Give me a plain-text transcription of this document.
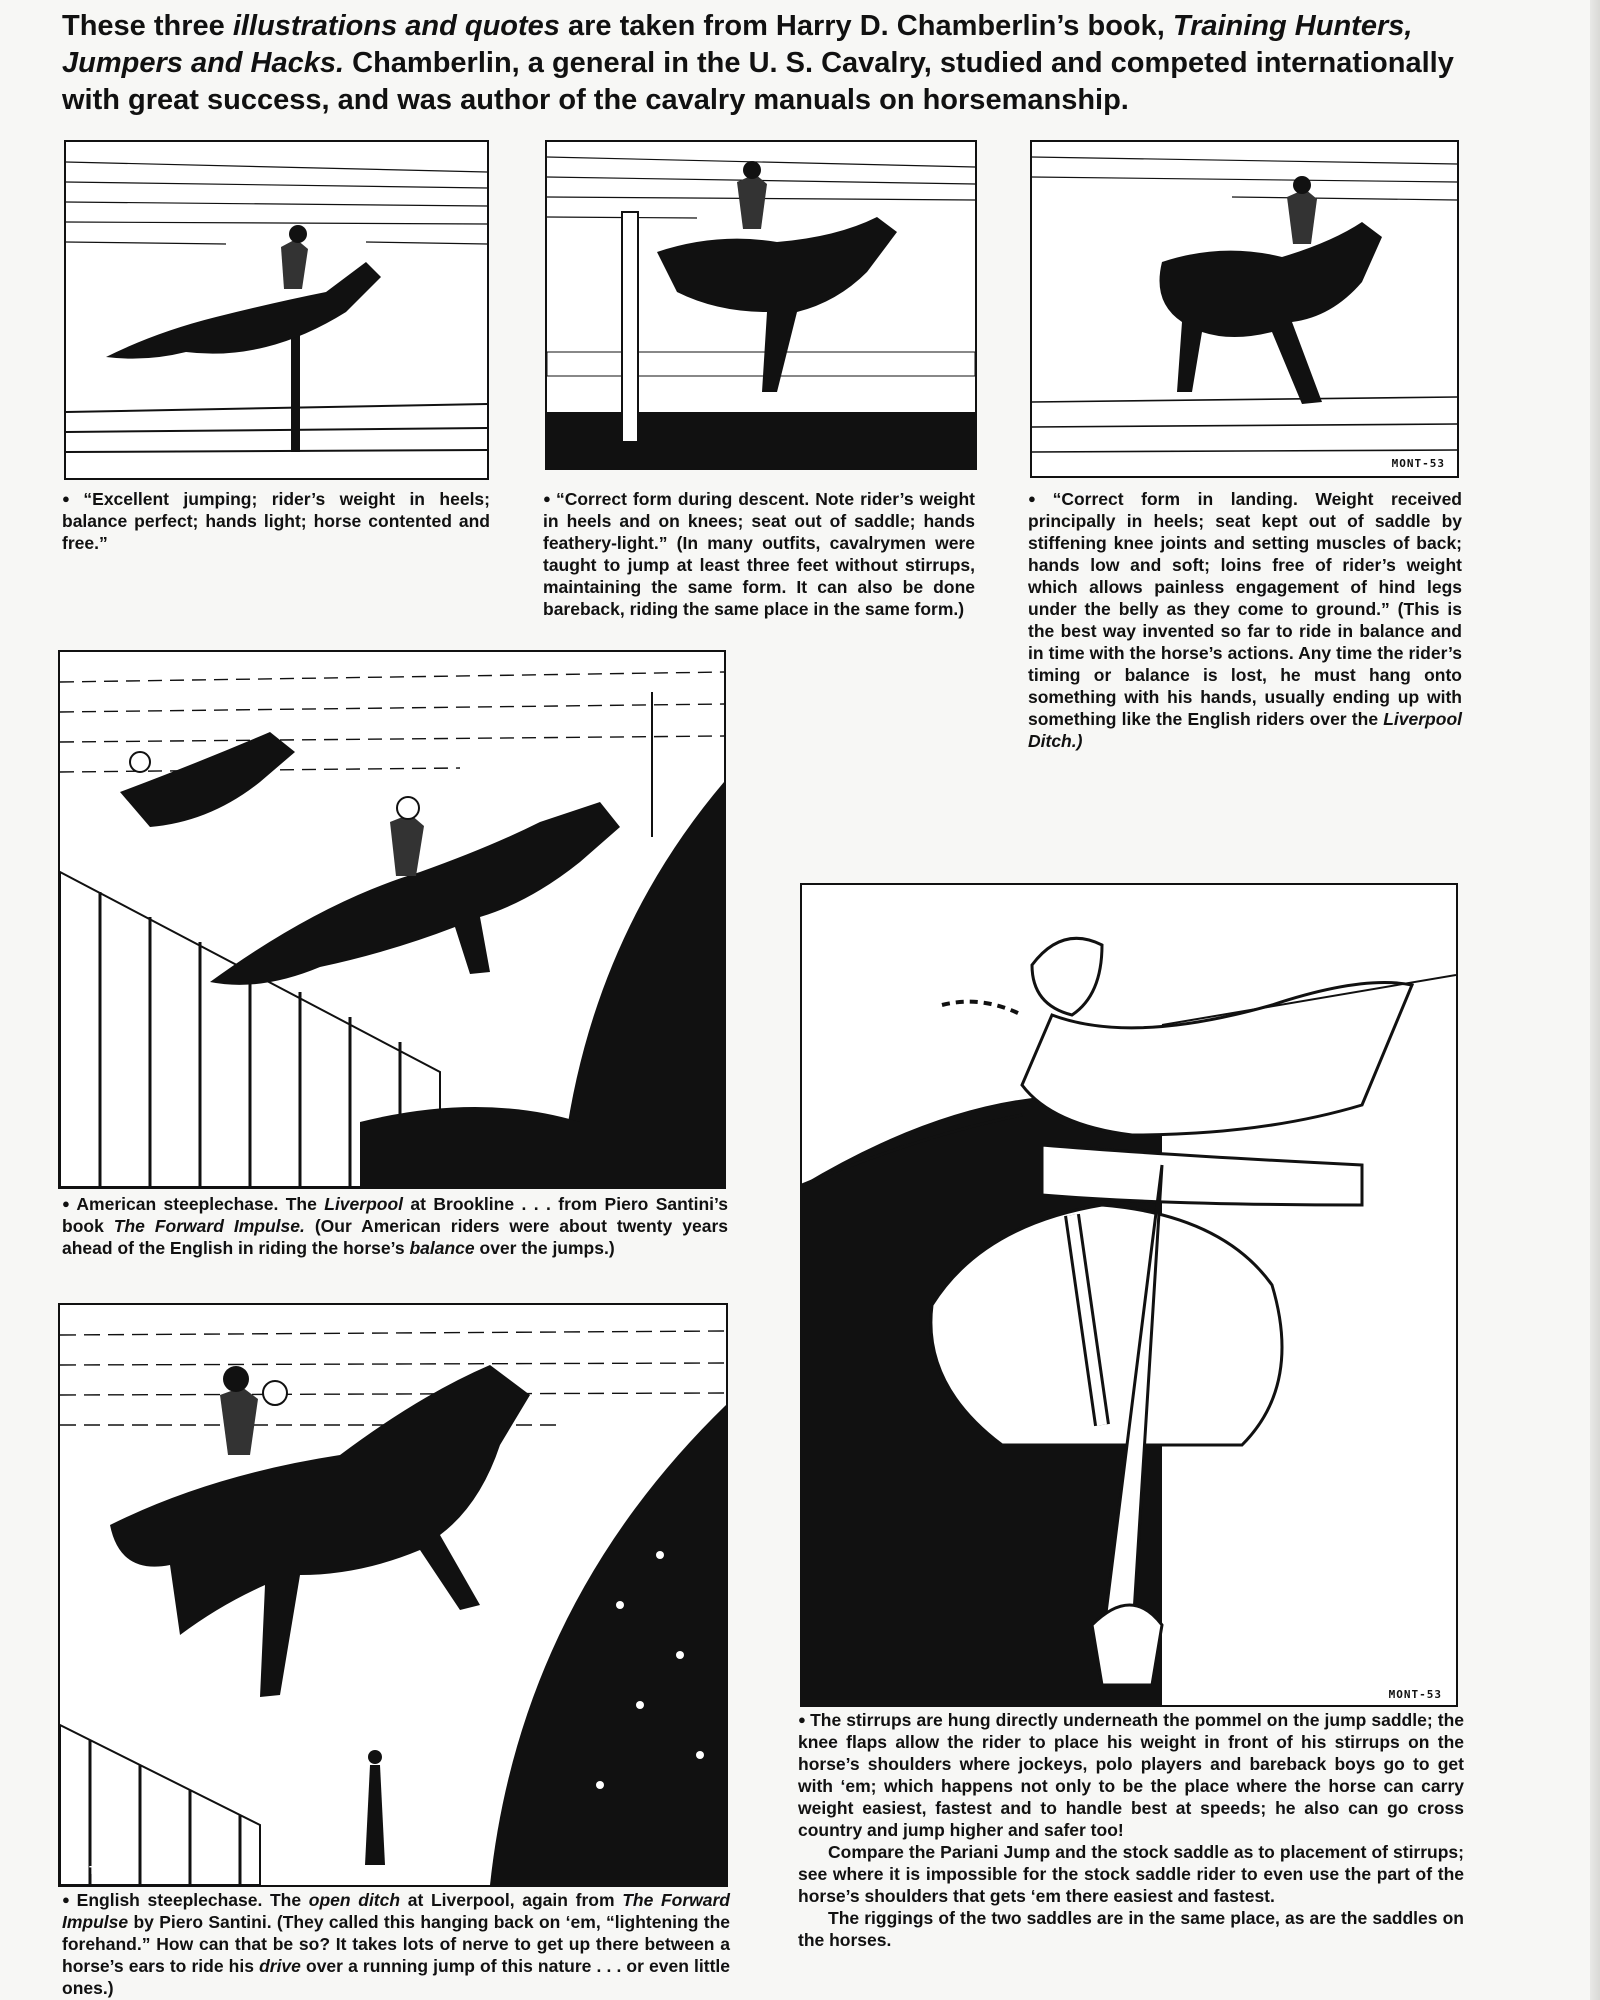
These three illustrations and quotes are taken from Harry D. Chamberlin’s book, Training Hunters, Jumpers and Hacks. Chamberlin, a general in the U. S. Cavalry, studied and competed internationally with great success, and was author of the cavalry manuals on horsemanship.
MONT-53
● “Excellent jumping; rider’s weight in heels; balance perfect; hands light; horse contented and free.”
● “Correct form during descent. Note rider’s weight in heels and on knees; seat out of saddle; hands feathery-light.” (In many outfits, cavalrymen were taught to jump at least three feet without stirrups, maintaining the same form. It can also be done bareback, riding the same place in the same form.)
● “Correct form in landing. Weight received principally in heels; seat kept out of saddle by stiffening knee joints and setting muscles of back; hands low and soft; loins free of rider’s weight which allows painless engagement of hind legs under the belly as they come to ground.” (This is the best way invented so far to ride in balance and in time with the horse’s actions. Any time the rider’s timing or balance is lost, he must hang onto something with his hands, usually ending up with something like the English riders over the Liverpool Ditch.)
MONT
● American steeplechase. The Liverpool at Brookline . . . from Piero Santini’s book The Forward Impulse. (Our American riders were about twenty years ahead of the English in riding the horse’s balance over the jumps.)
MONT
● English steeplechase. The open ditch at Liverpool, again from The Forward Impulse by Piero Santini. (They called this hanging back on ‘em, “lightening the forehand.” How can that be so? It takes lots of nerve to get up there between a horse’s ears to ride his drive over a running jump of this nature . . . or even little ones.)
MONT-53
● The stirrups are hung directly underneath the pommel on the jump saddle; the knee flaps allow the rider to place his weight in front of his stirrups on the horse’s shoulders where jockeys, polo players and bareback boys go to get with ‘em; which happens not only to be the place where the horse can carry weight easiest, fastest and to handle best at speeds; he also can go cross country and jump higher and safer too!
Compare the Pariani Jump and the stock saddle as to placement of stirrups; see where it is impossible for the stock saddle rider to even use the part of the horse’s shoulders that gets ‘em there easiest and fastest.
The riggings of the two saddles are in the same place, as are the saddles on the horses.
